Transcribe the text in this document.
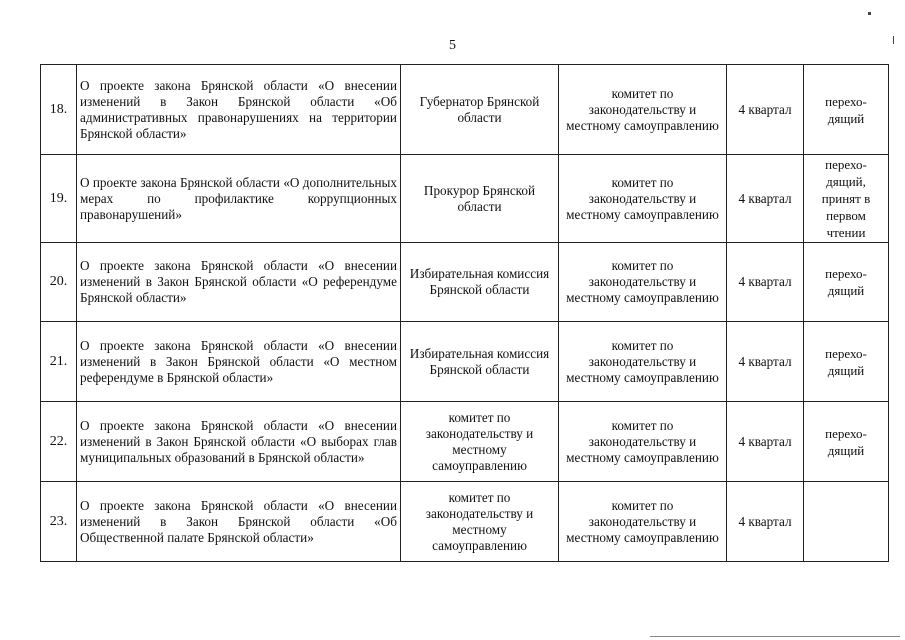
5
18.	О проекте закона Брянской области «О внесении изменений в Закон Брянской области «Об административных правонарушениях на территории Брянской области»	Губернатор Брянской области	комитет по законодательству и местному самоуправлению	4 квартал	перехо-дящий
19.	О проекте закона Брянской области «О дополнительных мерах по профилактике коррупционных правонарушений»	Прокурор Брянской области	комитет по законодательству и местному самоуправлению	4 квартал	перехо-дящий, принят в первом чтении
20.	О проекте закона Брянской области «О внесении изменений в Закон Брянской области «О референдуме Брянской области»	Избирательная комиссия Брянской области	комитет по законодательству и местному самоуправлению	4 квартал	перехо-дящий
21.	О проекте закона Брянской области «О внесении изменений в Закон Брянской области «О местном референдуме в Брянской области»	Избирательная комиссия Брянской области	комитет по законодательству и местному самоуправлению	4 квартал	перехо-дящий
22.	О проекте закона Брянской области «О внесении изменений в Закон Брянской области «О выборах глав муниципальных образований в Брянской области»	комитет по законодательству и местному самоуправлению	комитет по законодательству и местному самоуправлению	4 квартал	перехо-дящий
23.	О проекте закона Брянской области «О внесении изменений в Закон Брянской области «Об Общественной палате Брянской области»	комитет по законодательству и местному самоуправлению	комитет по законодательству и местному самоуправлению	4 квартал	
